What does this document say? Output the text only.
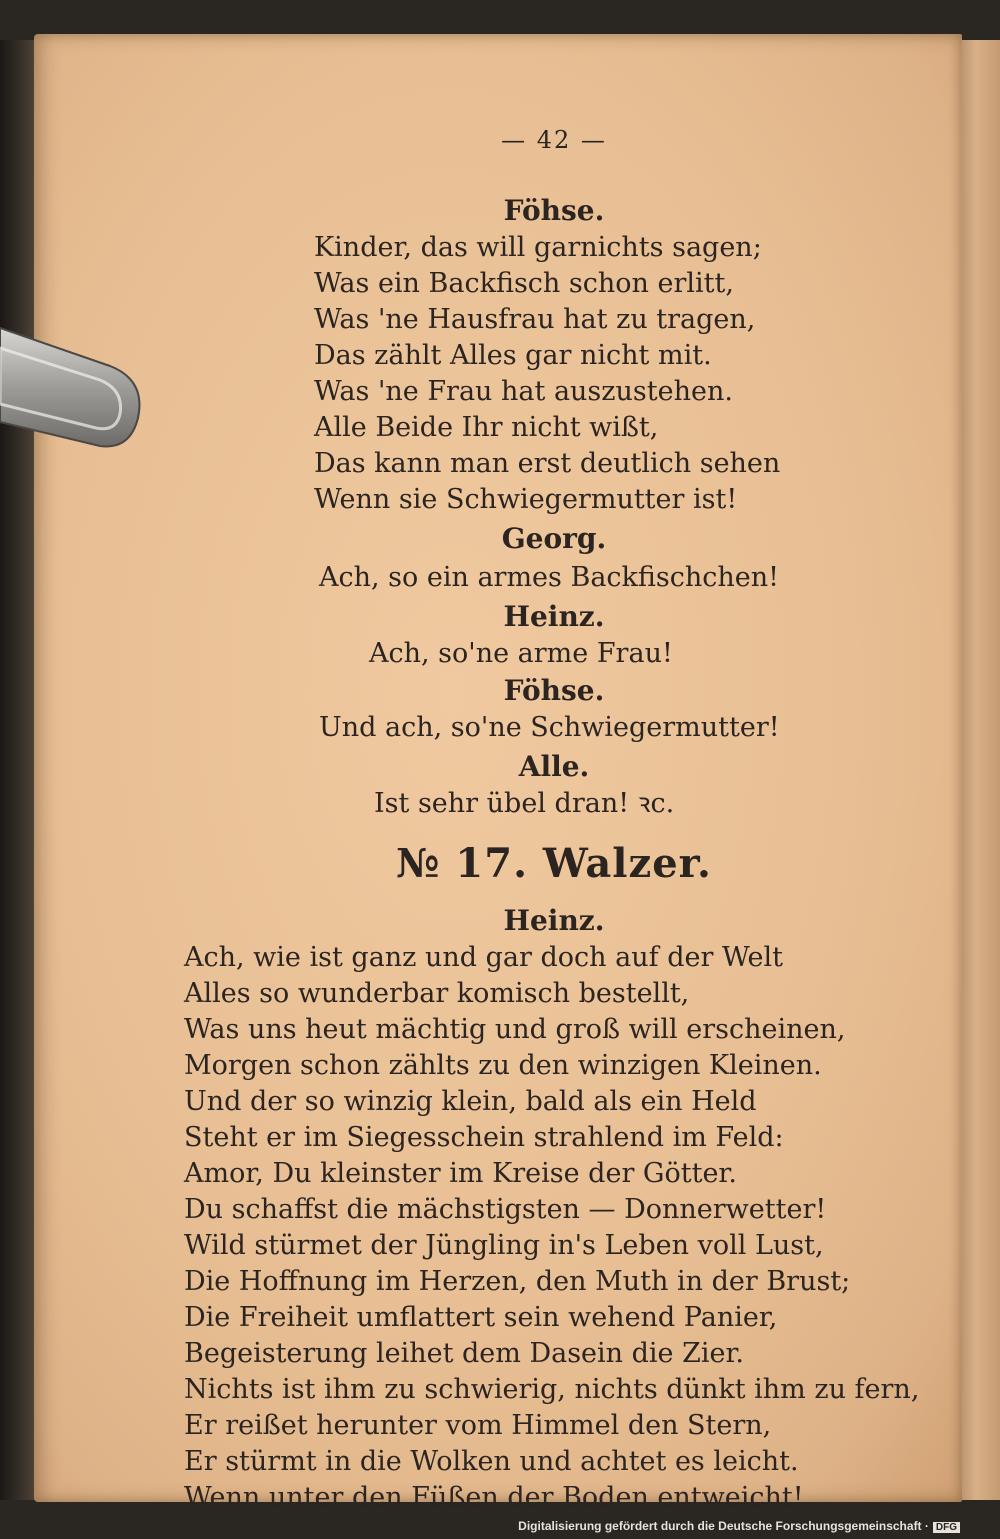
— 42 —
Föhse.
Kinder, das will garnichts sagen;
Was ein Backfisch schon erlitt,
Was 'ne Hausfrau hat zu tragen,
Das zählt Alles gar nicht mit.
Was 'ne Frau hat auszustehen.
Alle Beide Ihr nicht wißt,
Das kann man erst deutlich sehen
Wenn sie Schwiegermutter ist!
Georg.
Ach, so ein armes Backfischchen!
Heinz.
Ach, so'ne arme Frau!
Föhse.
Und ach, so'ne Schwiegermutter!
Alle.
Ist sehr übel dran! ꝛc.
№ 17. Walzer.
Heinz.
Ach, wie ist ganz und gar doch auf der Welt
Alles so wunderbar komisch bestellt,
Was uns heut mächtig und groß will erscheinen,
Morgen schon zählts zu den winzigen Kleinen.
Und der so winzig klein, bald als ein Held
Steht er im Siegesschein strahlend im Feld:
Amor, Du kleinster im Kreise der Götter.
Du schaffst die mächstigsten — Donnerwetter!
Wild stürmet der Jüngling in's Leben voll Lust,
Die Hoffnung im Herzen, den Muth in der Brust;
Die Freiheit umflattert sein wehend Panier,
Begeisterung leihet dem Dasein die Zier.
Nichts ist ihm zu schwierig, nichts dünkt ihm zu fern,
Er reißet herunter vom Himmel den Stern,
Er stürmt in die Wolken und achtet es leicht.
Wenn unter den Füßen der Boden entweicht!
Digitalisierung gefördert durch die Deutsche Forschungsgemeinschaft · DFG
